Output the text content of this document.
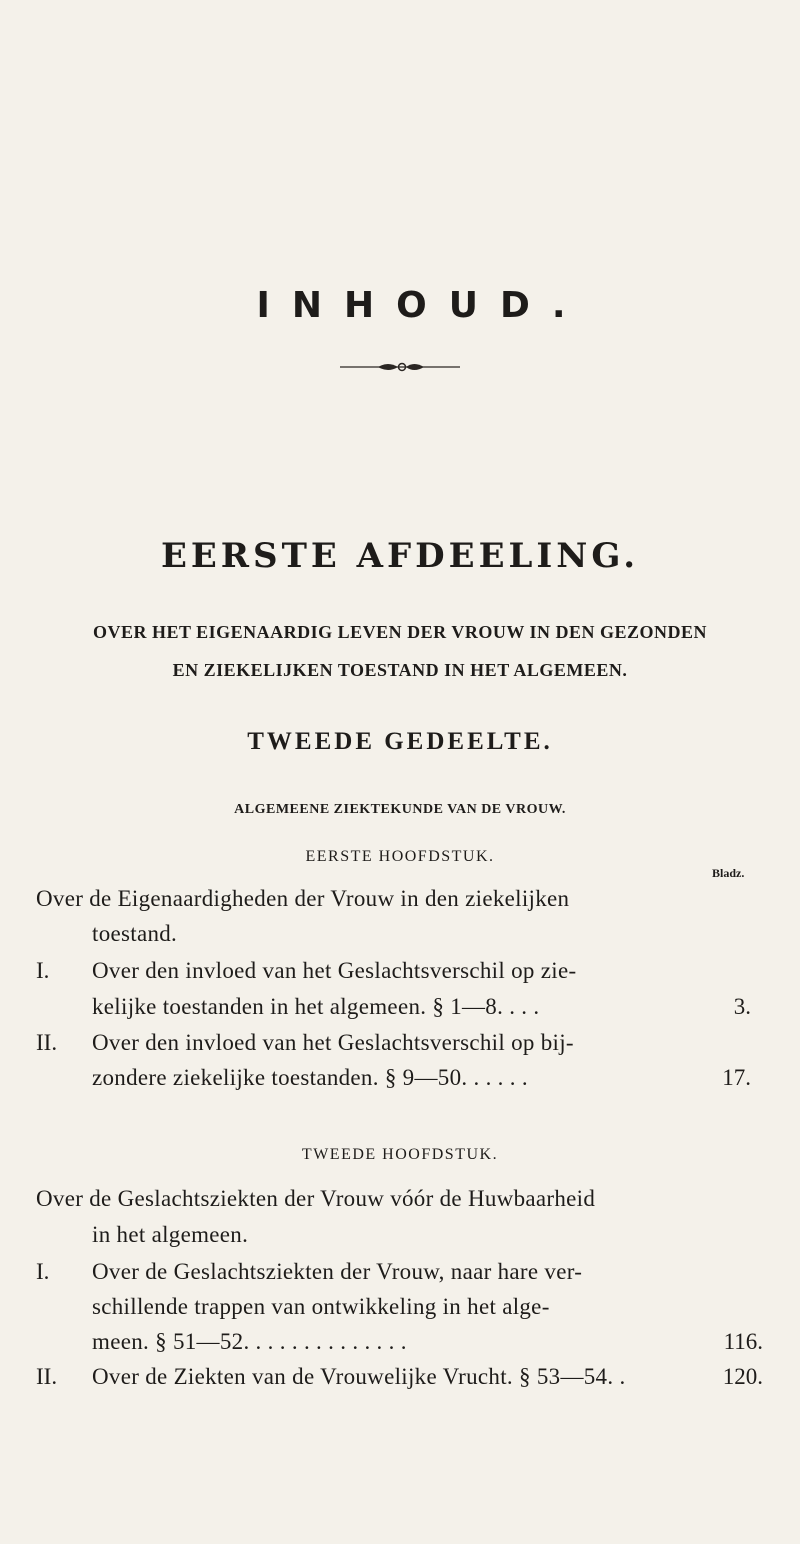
INHOUD.
EERSTE AFDEELING.
OVER HET EIGENAARDIG LEVEN DER VROUW IN DEN GEZONDEN
EN ZIEKELIJKEN TOESTAND IN HET ALGEMEEN.
TWEEDE GEDEELTE.
ALGEMEENE ZIEKTEKUNDE VAN DE VROUW.
EERSTE HOOFDSTUK.
Bladz.
Over de Eigenaardigheden der Vrouw in den ziekelijken
toestand.
I. Over den invloed van het Geslachtsverschil op zie-
kelijke toestanden in het algemeen. § 1—8. . . .	3.
II. Over den invloed van het Geslachtsverschil op bij-
zondere ziekelijke toestanden. § 9—50. . . . . .	17.
TWEEDE HOOFDSTUK.
Over de Geslachtsziekten der Vrouw vóór de Huwbaarheid
in het algemeen.
I. Over de Geslachtsziekten der Vrouw, naar hare ver-
schillende trappen van ontwikkeling in het alge-
meen. § 51—52. . . . . . . . . . . . . .	116.
II. Over de Ziekten van de Vrouwelijke Vrucht. § 53—54. .	120.
